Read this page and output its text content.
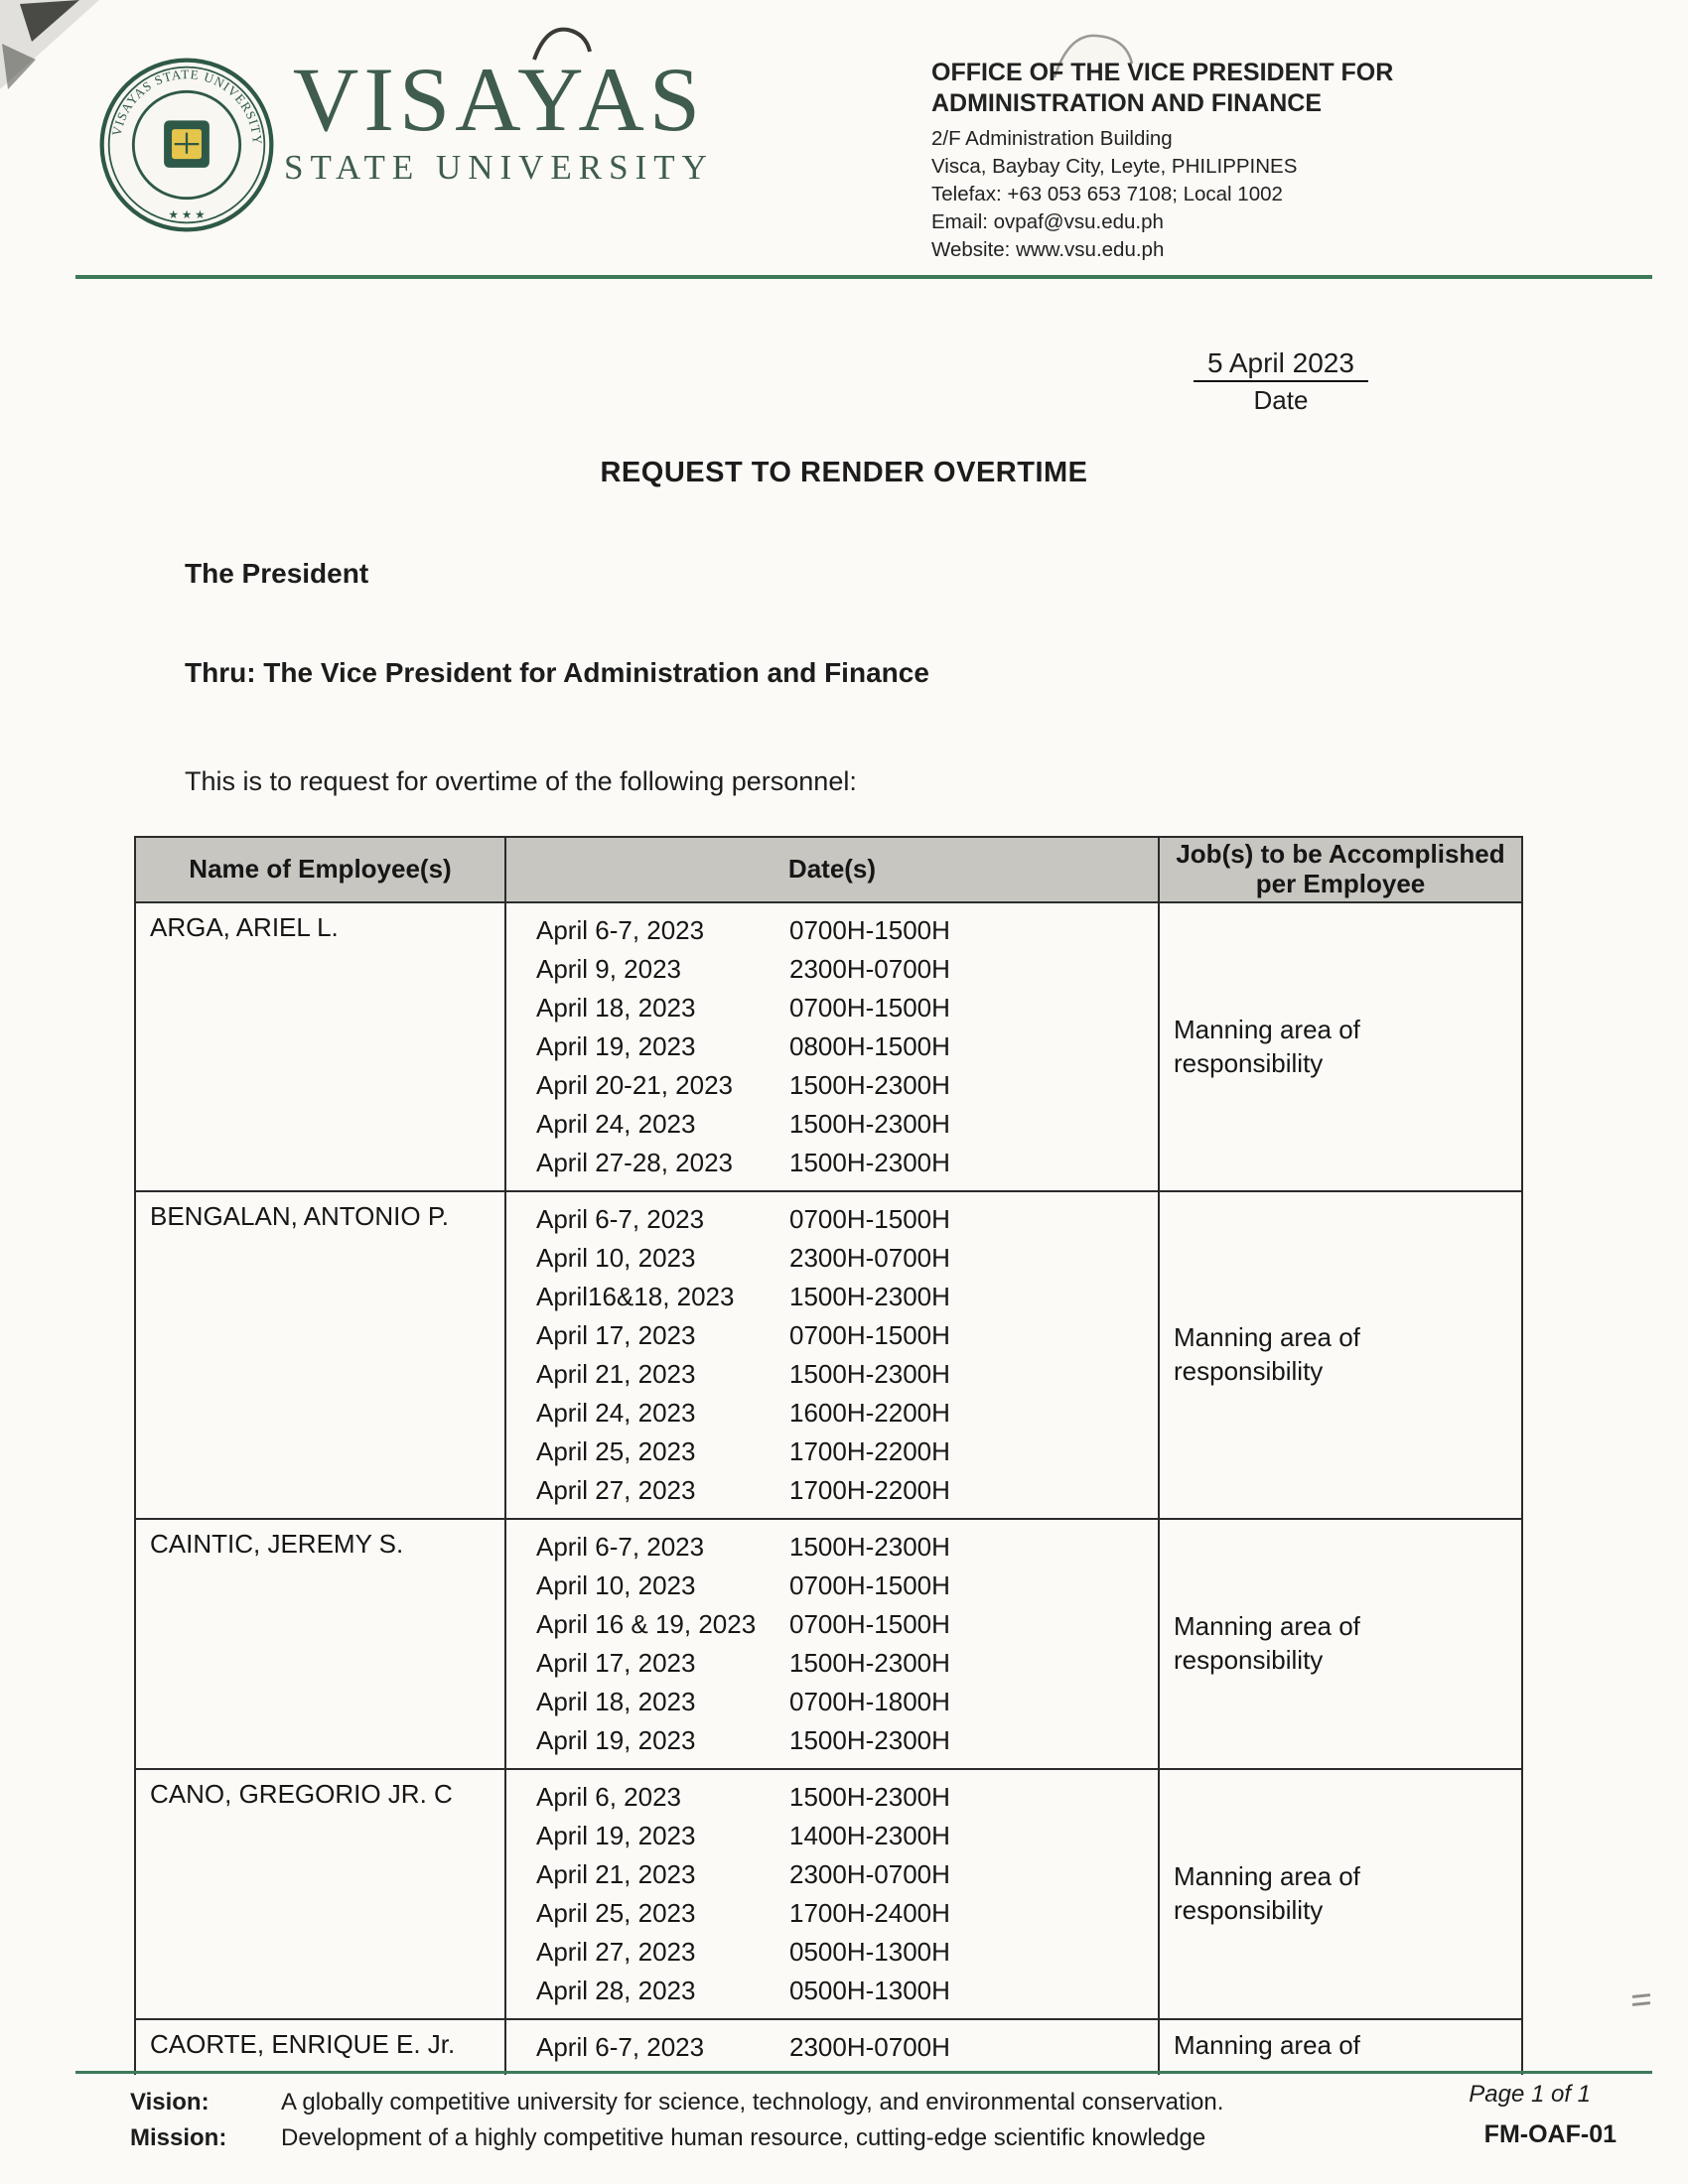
VISAYAS STATE UNIVERSITY
★ ★ ★
VISAYAS
STATE UNIVERSITY
OFFICE OF THE VICE PRESIDENT FOR
ADMINISTRATION AND FINANCE
2/F Administration Building
Visca, Baybay City, Leyte, PHILIPPINES
Telefax: +63 053 653 7108; Local 1002
Email: ovpaf@vsu.edu.ph
Website: www.vsu.edu.ph
5 April 2023
Date
REQUEST TO RENDER OVERTIME
The President
Thru: The Vice President for Administration and Finance
This is to request for overtime of the following personnel:
Name of Employee(s)	Date(s)	Job(s) to be Accomplished per Employee
ARGA, ARIEL L.	April 6-7, 2023	0700H-1500H
April 9, 2023	2300H-0700H
April 18, 2023	0700H-1500H
April 19, 2023	0800H-1500H
April 20-21, 2023	1500H-2300H
April 24, 2023	1500H-2300H
April 27-28, 2023	1500H-2300H

Manning area of responsibility

BENGALAN, ANTONIO P.	April 6-7, 2023	0700H-1500H
April 10, 2023	2300H-0700H
April16&18, 2023	1500H-2300H
April 17, 2023	0700H-1500H
April 21, 2023	1500H-2300H
April 24, 2023	1600H-2200H
April 25, 2023	1700H-2200H
April 27, 2023	1700H-2200H

Manning area of responsibility

CAINTIC, JEREMY S.	April 6-7, 2023	1500H-2300H
April 10, 2023	0700H-1500H
April 16 & 19, 2023	0700H-1500H
April 17, 2023	1500H-2300H
April 18, 2023	0700H-1800H
April 19, 2023	1500H-2300H

Manning area of responsibility

CANO, GREGORIO JR. C	April 6, 2023	1500H-2300H
April 19, 2023	1400H-2300H
April 21, 2023	2300H-0700H
April 25, 2023	1700H-2400H
April 27, 2023	0500H-1300H
April 28, 2023	0500H-1300H

Manning area of responsibility

CAORTE, ENRIQUE E. Jr.	April 6-7, 2023 2300H-0700H	Manning area of
Page 1 of 1
FM-OAF-01
Vision:	A globally competitive university for science, technology, and environmental conservation.
Mission:	Development of a highly competitive human resource, cutting-edge scientific knowledge
